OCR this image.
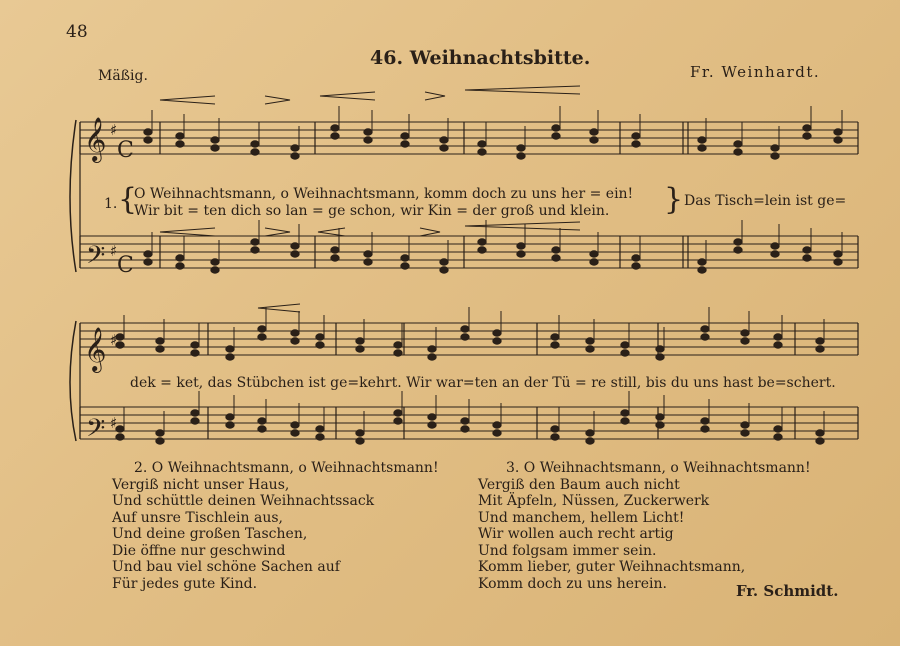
48
46. Weihnachtsbitte.
Mäßig.	Fr. Weinhardt.
𝄞
𝄢
𝄞
𝄢
♯
♯
♯
♯
C
C
1. {
O Weihnachtsmann, o Weihnachtsmann, komm doch zu uns her = ein!
Wir bit = ten dich so lan = ge schon, wir Kin = der groß und klein. } Das Tisch=lein ist ge=
dek = ket, das Stübchen ist ge=kehrt. Wir war=ten an der Tü = re still, bis du uns hast be=schert.
2. O Weihnachtsmann, o Weihnachtsmann!
Vergiß nicht unser Haus,
Und schüttle deinen Weihnachtssack
Auf unsre Tischlein aus,
Und deine großen Taschen,
Die öffne nur geschwind
Und bau viel schöne Sachen auf
Für jedes gute Kind.
3. O Weihnachtsmann, o Weihnachtsmann!
Vergiß den Baum auch nicht
Mit Äpfeln, Nüssen, Zuckerwerk
Und manchem, hellem Licht!
Wir wollen auch recht artig
Und folgsam immer sein.
Komm lieber, guter Weihnachtsmann,
Komm doch zu uns herein.	Fr. Schmidt.
